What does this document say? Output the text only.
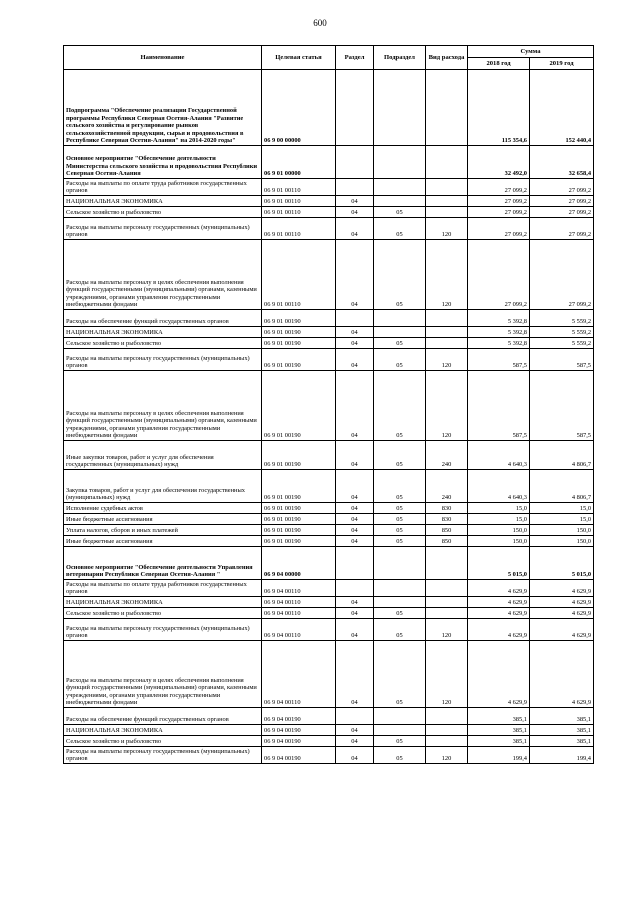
600
Наименование	Целевая статья	Раздел	Подраздел	Вид расхода	Сумма	
					2018 год	2019 год
Подпрограмма "Обеспечение реализации Государственной программы Республики Северная Осетия-Алания "Развитие сельского хозяйства и регулирование рынков сельскохозяйственной продукции, сырья и продовольствия в Республике Северная Осетия-Алания" на 2014-2020 годы"	06 9 00 00000				115 354,6	152 440,4
Основное мероприятие "Обеспечение деятельности Министерства сельского хозяйства и продовольствия Республики Северная Осетия-Алания	06 9 01 00000				32 492,0	32 658,4
Расходы на выплаты по оплате труда работников государственных органов	06 9 01 00110				27 099,2	27 099,2
НАЦИОНАЛЬНАЯ ЭКОНОМИКА	06 9 01 00110	04			27 099,2	27 099,2
Сельское хозяйство и рыболовство	06 9 01 00110	04	05		27 099,2	27 099,2
Расходы на выплаты персоналу государственных (муниципальных) органов	06 9 01 00110	04	05	120	27 099,2	27 099,2
Расходы на выплаты персоналу в целях обеспечения выполнения функций государственными (муниципальными) органами, казенными учреждениями, органами управления государственными внебюджетными фондами	06 9 01 00110	04	05	120	27 099,2	27 099,2
Расходы на обеспечение функций государственных органов	06 9 01 00190				5 392,8	5 559,2
НАЦИОНАЛЬНАЯ ЭКОНОМИКА	06 9 01 00190	04			5 392,8	5 559,2
Сельское хозяйство и рыболовство	06 9 01 00190	04	05		5 392,8	5 559,2
Расходы на выплаты персоналу государственных (муниципальных) органов	06 9 01 00190	04	05	120	587,5	587,5
Расходы на выплаты персоналу в целях обеспечения выполнения функций государственными (муниципальными) органами, казенными учреждениями, органами управления государственными внебюджетными фондами	06 9 01 00190	04	05	120	587,5	587,5
Иные закупки товаров, работ и услуг для обеспечения государственных (муниципальных) нужд	06 9 01 00190	04	05	240	4 640,3	4 806,7
Закупка товаров, работ и услуг для обеспечения государственных (муниципальных) нужд	06 9 01 00190	04	05	240	4 640,3	4 806,7
Исполнение судебных актов	06 9 01 00190	04	05	830	15,0	15,0
Иные бюджетные ассигнования	06 9 01 00190	04	05	830	15,0	15,0
Уплата налогов, сборов и иных платежей	06 9 01 00190	04	05	850	150,0	150,0
Иные бюджетные ассигнования	06 9 01 00190	04	05	850	150,0	150,0
Основное мероприятие "Обеспечение деятельности Управления ветеринарии Республики Северная Осетия-Алания "	06 9 04 00000				5 015,0	5 015,0
Расходы на выплаты по оплате труда работников государственных органов	06 9 04 00110				4 629,9	4 629,9
НАЦИОНАЛЬНАЯ ЭКОНОМИКА	06 9 04 00110	04			4 629,9	4 629,9
Сельское хозяйство и рыболовство	06 9 04 00110	04	05		4 629,9	4 629,9
Расходы на выплаты персоналу государственных (муниципальных) органов	06 9 04 00110	04	05	120	4 629,9	4 629,9
Расходы на выплаты персоналу в целях обеспечения выполнения функций государственными (муниципальными) органами, казенными учреждениями, органами управления государственными внебюджетными фондами	06 9 04 00110	04	05	120	4 629,9	4 629,9
Расходы на обеспечение функций государственных органов	06 9 04 00190				385,1	385,1
НАЦИОНАЛЬНАЯ ЭКОНОМИКА	06 9 04 00190	04			385,1	385,1
Сельское хозяйство и рыболовство	06 9 04 00190	04	05		385,1	385,1
Расходы на выплаты персоналу государственных (муниципальных) органов	06 9 04 00190	04	05	120	199,4	199,4
